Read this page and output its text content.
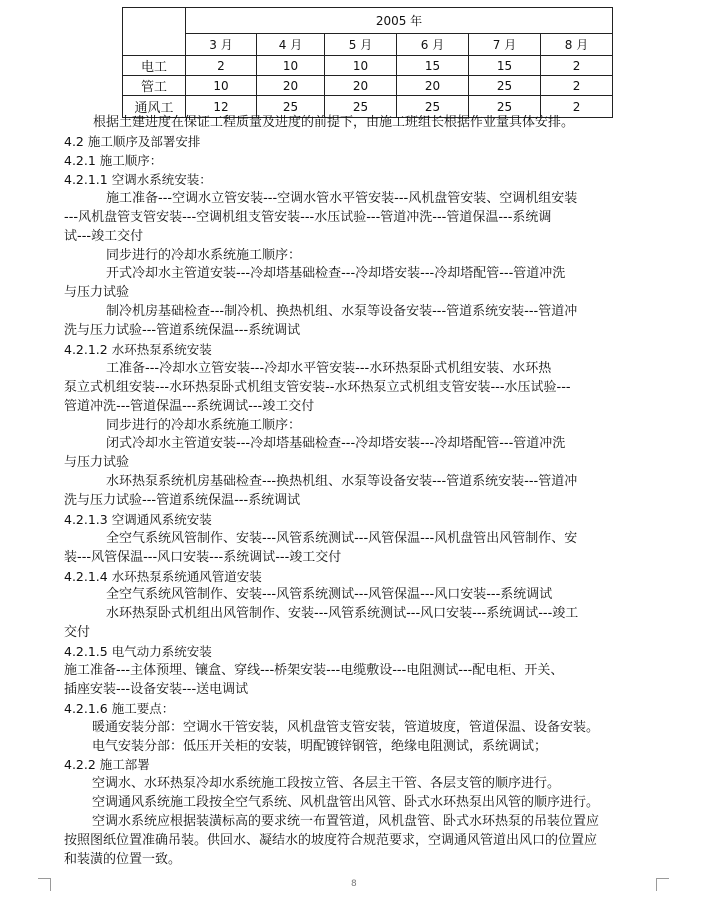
	2005 年					
	3 月	4 月	5 月	6 月	7 月	8 月
电工	2	10	10	15	15	2
管工	10	20	20	20	25	2
通风工	12	25	25	25	25	2
根据土建进度在保证工程质量及进度的前提下，由施工班组长根据作业量具体安排。
4.2 施工顺序及部署安排
4.2.1 施工顺序：
4.2.1.1 空调水系统安装：
施工准备---空调水立管安装---空调水管水平管安装---风机盘管安装、空调机组安装
---风机盘管支管安装---空调机组支管安装---水压试验---管道冲洗---管道保温---系统调
试---竣工交付
同步进行的冷却水系统施工顺序：
开式冷却水主管道安装---冷却塔基础检查---冷却塔安装---冷却塔配管---管道冲洗
与压力试验
制冷机房基础检查---制冷机、换热机组、水泵等设备安装---管道系统安装---管道冲
洗与压力试验---管道系统保温---系统调试
4.2.1.2 水环热泵系统安装
工准备---冷却水立管安装---冷却水平管安装---水环热泵卧式机组安装、水环热
泵立式机组安装---水环热泵卧式机组支管安装--水环热泵立式机组支管安装---水压试验---
管道冲洗---管道保温---系统调试---竣工交付
同步进行的冷却水系统施工顺序：
闭式冷却水主管道安装---冷却塔基础检查---冷却塔安装---冷却塔配管---管道冲洗
与压力试验
水环热泵系统机房基础检查---换热机组、水泵等设备安装---管道系统安装---管道冲
洗与压力试验---管道系统保温---系统调试
4.2.1.3 空调通风系统安装
全空气系统风管制作、安装---风管系统测试---风管保温---风机盘管出风管制作、安
装---风管保温---风口安装---系统调试---竣工交付
4.2.1.4 水环热泵系统通风管道安装
全空气系统风管制作、安装---风管系统测试---风管保温---风口安装---系统调试
水环热泵卧式机组出风管制作、安装---风管系统测试---风口安装---系统调试---竣工
交付
4.2.1.5 电气动力系统安装
施工准备---主体预埋、镶盒、穿线---桥架安装---电缆敷设---电阻测试---配电柜、开关、
插座安装---设备安装---送电调试
4.2.1.6 施工要点：
暖通安装分部：空调水干管安装，风机盘管支管安装，管道坡度，管道保温、设备安装。
电气安装分部：低压开关柜的安装，明配镀锌钢管，绝缘电阻测试，系统调试；
4.2.2 施工部署
空调水、水环热泵冷却水系统施工段按立管、各层主干管、各层支管的顺序进行。
空调通风系统施工段按全空气系统、风机盘管出风管、卧式水环热泵出风管的顺序进行。
空调水系统应根据装潢标高的要求统一布置管道，风机盘管、卧式水环热泵的吊装位置应
按照图纸位置准确吊装。供回水、凝结水的坡度符合规范要求，空调通风管道出风口的位置应
和装潢的位置一致。
8
